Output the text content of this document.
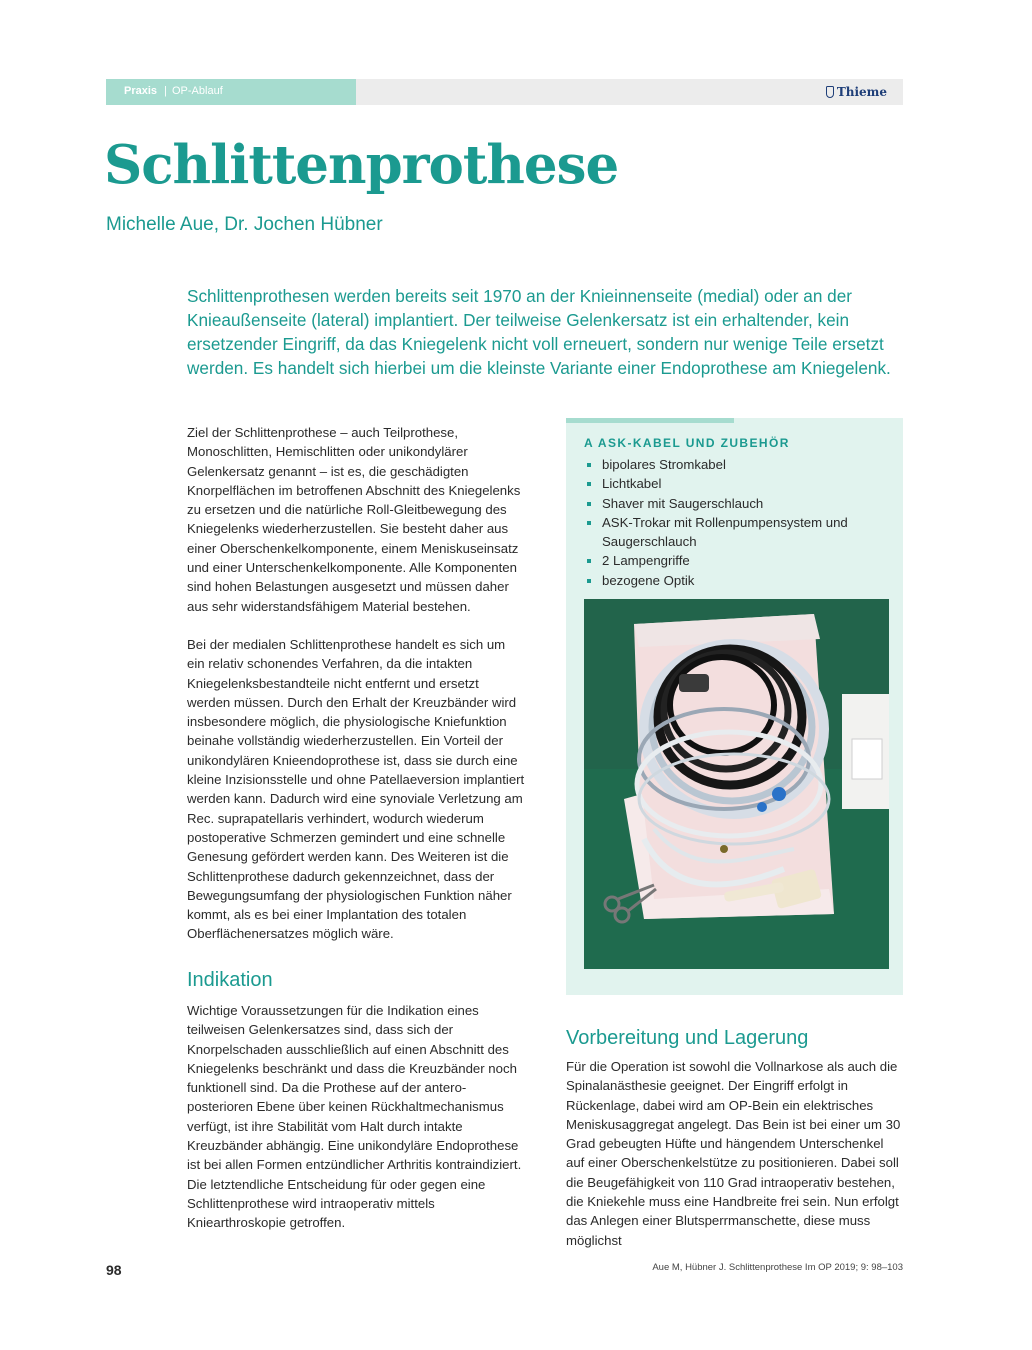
Praxis | OP-Ablauf	Thieme
Schlittenprothese
Michelle Aue, Dr. Jochen Hübner

Schlittenprothesen werden bereits seit 1970 an der Knieinnenseite (medial) oder an der Knieaußenseite (lateral) implantiert. Der teilweise Gelenkersatz ist ein erhaltender, kein ersetzender Eingriff, da das Kniegelenk nicht voll erneuert, sondern nur wenige Teile ersetzt werden. Es handelt sich hierbei um die kleinste Variante einer Endoprothese am Kniegelenk.

Ziel der Schlittenprothese – auch Teilprothese, Monoschlitten, Hemischlitten oder unikondylärer Gelenkersatz genannt – ist es, die geschädigten Knorpelflächen im betroffenen Abschnitt des Kniegelenks zu ersetzen und die natürliche Roll-Gleitbewegung des Kniegelenks wiederherzustellen. Sie besteht daher aus einer Oberschenkelkomponente, einem Meniskuseinsatz und einer Unterschenkelkomponente. Alle Komponenten sind hohen Belastungen ausgesetzt und müssen daher aus sehr widerstandsfähigem Material bestehen.

Bei der medialen Schlittenprothese handelt es sich um ein relativ schonendes Verfahren, da die intakten Kniegelenksbestandteile nicht entfernt und ersetzt werden müssen. Durch den Erhalt der Kreuzbänder wird insbesondere möglich, die physiologische Kniefunktion beinahe vollständig wiederherzustellen. Ein Vorteil der unikondylären Knieendoprothese ist, dass sie durch eine kleine Inzisionsstelle und ohne Patellaeversion implantiert werden kann. Dadurch wird eine synoviale Verletzung am Rec. suprapatellaris verhindert, wodurch wiederum postoperative Schmerzen gemindert und eine schnelle Genesung gefördert werden kann. Des Weiteren ist die Schlittenprothese dadurch gekennzeichnet, dass der Bewegungsumfang der physiologischen Funktion näher kommt, als es bei einer Implantation des totalen Oberflächenersatzes möglich wäre.

Indikation

Wichtige Voraussetzungen für die Indikation eines teilweisen Gelenkersatzes sind, dass sich der Knorpelschaden ausschließlich auf einen Abschnitt des Kniegelenks beschränkt und dass die Kreuzbänder noch funktionell sind. Da die Prothese auf der antero-posterioren Ebene über keinen Rückhaltmechanismus verfügt, ist ihre Stabilität vom Halt durch intakte Kreuzbänder abhängig. Eine unikondyläre Endoprothese ist bei allen Formen entzündlicher Arthritis kontraindiziert. Die letztendliche Entscheidung für oder gegen eine Schlittenprothese wird intraoperativ mittels Kniearthroskopie getroffen.

A ASK-KABEL UND ZUBEHÖR
bipolares Stromkabel
Lichtkabel
Shaver mit Saugerschlauch
ASK-Trokar mit Rollenpumpensystem und Saugerschlauch
2 Lampengriffe
bezogene Optik
Vorbereitung und Lagerung

Für die Operation ist sowohl die Vollnarkose als auch die Spinalanästhesie geeignet. Der Eingriff erfolgt in Rückenlage, dabei wird am OP-Bein ein elektrisches Meniskusaggregat angelegt. Das Bein ist bei einer um 30 Grad gebeugten Hüfte und hängendem Unterschenkel auf einer Oberschenkelstütze zu positionieren. Dabei soll die Beugefähigkeit von 110 Grad intraoperativ bestehen, die Kniekehle muss eine Handbreite frei sein. Nun erfolgt das Anlegen einer Blutsperrmanschette, diese muss möglichst

98	Aue M, Hübner J. Schlittenprothese Im OP 2019; 9: 98–103
